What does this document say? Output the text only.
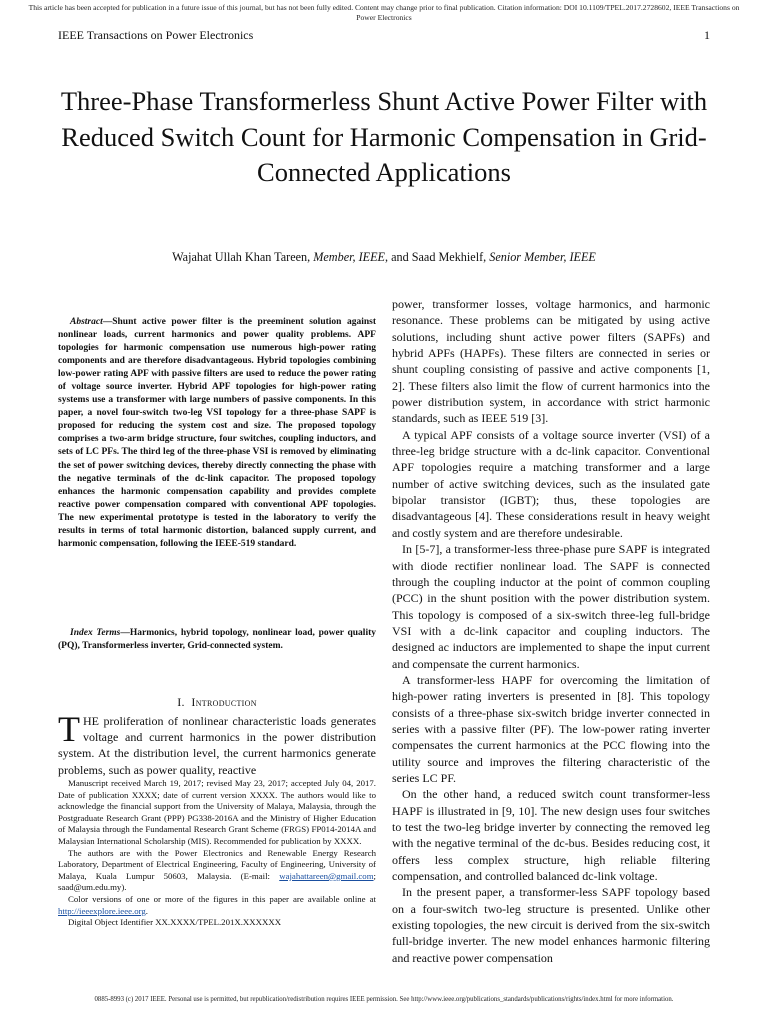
This article has been accepted for publication in a future issue of this journal, but has not been fully edited. Content may change prior to final publication. Citation information: DOI 10.1109/TPEL.2017.2728602, IEEE Transactions on Power Electronics
IEEE Transactions on Power Electronics	1
Three-Phase Transformerless Shunt Active Power Filter with Reduced Switch Count for Harmonic Compensation in Grid-Connected Applications
Wajahat Ullah Khan Tareen, Member, IEEE, and Saad Mekhielf, Senior Member, IEEE

Abstract—Shunt active power filter is the preeminent solution against nonlinear loads, current harmonics and power quality problems. APF topologies for harmonic compensation use numerous high-power rating components and are therefore disadvantageous. Hybrid topologies combining low-power rating APF with passive filters are used to reduce the power rating of voltage source inverter. Hybrid APF topologies for high-power rating systems use a transformer with large numbers of passive components. In this paper, a novel four-switch two-leg VSI topology for a three-phase SAPF is proposed for reducing the system cost and size. The proposed topology comprises a two-arm bridge structure, four switches, coupling inductors, and sets of LC PFs. The third leg of the three-phase VSI is removed by eliminating the set of power switching devices, thereby directly connecting the phase with the negative terminals of the dc-link capacitor. The proposed topology enhances the harmonic compensation capability and provides complete reactive power compensation compared with conventional APF topologies. The new experimental prototype is tested in the laboratory to verify the results in terms of total harmonic distortion, balanced supply current, and harmonic compensation, following the IEEE-519 standard.

Index Terms—Harmonics, hybrid topology, nonlinear load, power quality (PQ), Transformerless inverter, Grid-connected system.

I. Introduction
THE proliferation of nonlinear characteristic loads generates voltage and current harmonics in the power distribution system. At the distribution level, the current harmonics generate problems, such as power quality, reactive

Manuscript received March 19, 2017; revised May 23, 2017; accepted July 04, 2017. Date of publication XXXX; date of current version XXXX. The authors would like to acknowledge the financial support from the University of Malaya, Malaysia, through the Postgraduate Research Grant (PPP) PG338-2016A and the Ministry of Higher Education of Malaysia through the Fundamental Research Grant Scheme (FRGS) FP014-2014A and Malaysian International Scholarship (MIS). Recommended for publication by XXXX.

The authors are with the Power Electronics and Renewable Energy Research Laboratory, Department of Electrical Engineering, Faculty of Engineering, University of Malaya, Kuala Lumpur 50603, Malaysia. (E-mail: wajahattareen@gmail.com; saad@um.edu.my).

Color versions of one or more of the figures in this paper are available online at http://ieeexplore.ieee.org.

Digital Object Identifier XX.XXXX/TPEL.201X.XXXXXX

power, transformer losses, voltage harmonics, and harmonic resonance. These problems can be mitigated by using active solutions, including shunt active power filters (SAPFs) and hybrid APFs (HAPFs). These filters are connected in series or shunt coupling consisting of passive and active components [1, 2]. These filters also limit the flow of current harmonics into the power distribution system, in accordance with strict harmonic standards, such as IEEE 519 [3].

A typical APF consists of a voltage source inverter (VSI) of a three-leg bridge structure with a dc-link capacitor. Conventional APF topologies require a matching transformer and a large number of active switching devices, such as the insulated gate bipolar transistor (IGBT); thus, these topologies are disadvantageous [4]. These considerations result in heavy weight and costly system and are therefore undesirable.

In [5-7], a transformer-less three-phase pure SAPF is integrated with diode rectifier nonlinear load. The SAPF is connected through the coupling inductor at the point of common coupling (PCC) in the shunt position with the power distribution system. This topology is composed of a six-switch three-leg full-bridge VSI with a dc-link capacitor and coupling inductors. The designed ac inductors are implemented to shape the input current and compensate the current harmonics.

A transformer-less HAPF for overcoming the limitation of high-power rating inverters is presented in [8]. This topology consists of a three-phase six-switch bridge inverter connected in series with a passive filter (PF). The low-power rating inverter compensates the current harmonics at the PCC flowing into the utility source and improves the filtering characteristic of the series LC PF.

On the other hand, a reduced switch count transformer-less HAPF is illustrated in [9, 10]. The new design uses four switches to test the two-leg bridge inverter by connecting the removed leg with the negative terminal of the dc-bus. Besides reducing cost, it offers less complex structure, high reliable filtering compensation, and controlled balanced dc-link voltage.

In the present paper, a transformer-less SAPF topology based on a four-switch two-leg structure is presented. Unlike other existing topologies, the new circuit is derived from the six-switch full-bridge inverter. The new model enhances harmonic filtering and reactive power compensation

0885-8993 (c) 2017 IEEE. Personal use is permitted, but republication/redistribution requires IEEE permission. See http://www.ieee.org/publications_standards/publications/rights/index.html for more information.
